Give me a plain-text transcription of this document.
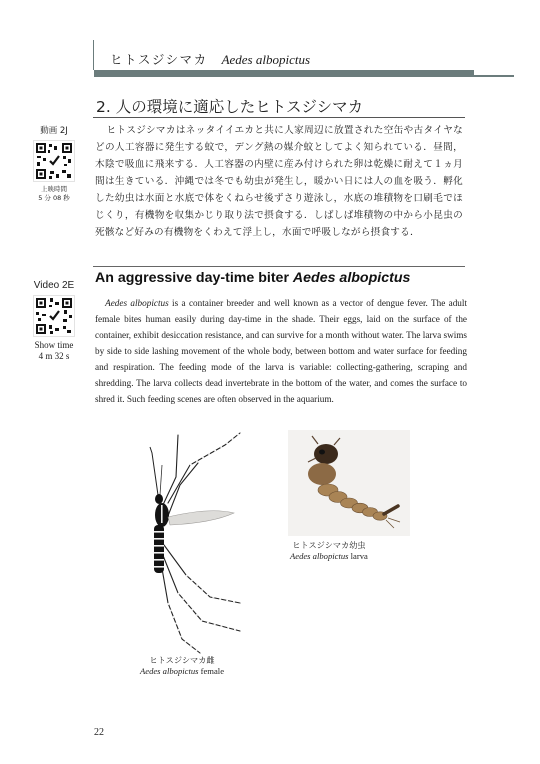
ヒトスジシマカ Aedes albopictus
2. 人の環境に適応したヒトスジシマカ
ヒトスジシマカはネッタイイエカと共に人家周辺に放置された空缶や古タイヤなどの人工容器に発生する蚊で，デング熱の媒介蚊としてよく知られている．昼間，木陰で吸血に飛来する．人工容器の内壁に産み付けられた卵は乾燥に耐えて１ヵ月間は生きている．沖縄では冬でも幼虫が発生し，暖かい日には人の血を吸う．孵化した幼虫は水面と水底で体をくねらせ後ずさり遊泳し，水底の堆積物を口刷毛でほじくり，有機物を収集かじり取り法で摂食する．しばしば堆積物の中から小昆虫の死骸など好みの有機物をくわえて浮上し，水面で呼吸しながら摂食する．
動画 2J
上映時間
5 分 08 秒
An aggressive day-time biter Aedes albopictus
Aedes albopictus is a container breeder and well known as a vector of dengue fever. The adult female bites human easily during day-time in the shade. Their eggs, laid on the surface of the container, exhibit desiccation resistance, and can survive for a month without water. The larva swims by side to side lashing movement of the whole body, between bottom and water surface for feeding and respiration. The feeding mode of the larva is variable: collecting-gathering, scraping and shredding. The larva collects dead invertebrate in the bottom of the water, and comes the surface to shred it. Such feeding scenes are often observed in the aquarium.
Video 2E
Show time
4 m 32 s
ヒトスジシマカ幼虫
Aedes albopictus larva
ヒトスジシマカ雌
Aedes albopictus female
22
